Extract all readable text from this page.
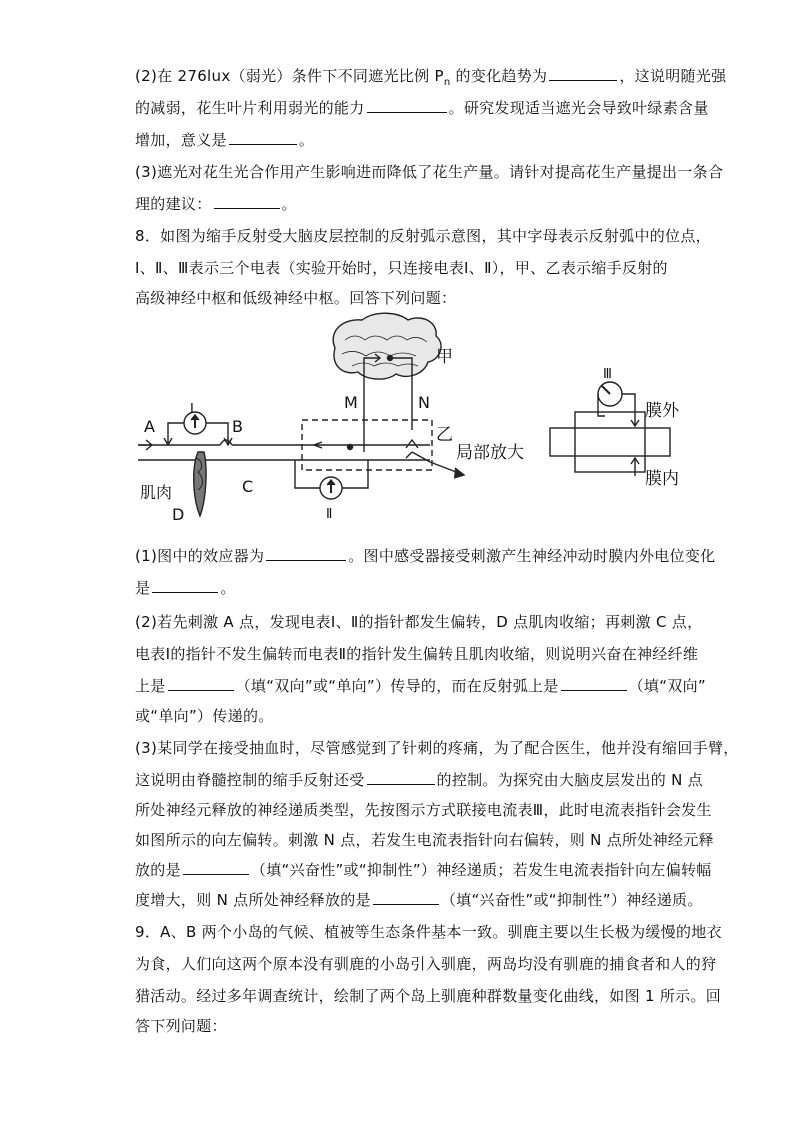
(2)在 276lux（弱光）条件下不同遮光比例 $P_n$ 的变化趋势为	，这说明随光强
的减弱，花生叶片利用弱光的能力	。研究发现适当遮光会导致叶绿素含量
增加，意义是	。
(3)遮光对花生光合作用产生影响进而降低了花生产量。请针对提高花生产量提出一条合
理的建议：	。
8．如图为缩手反射受大脑皮层控制的反射弧示意图，其中字母表示反射弧中的位点，
Ⅰ、Ⅱ、Ⅲ表示三个电表（实验开始时，只连接电表Ⅰ、Ⅱ），甲、乙表示缩手反射的
高级神经中枢和低级神经中枢。回答下列问题：
甲
乙
M	N
A	B
C
D
肌肉
Ⅰ
Ⅱ
Ⅲ
局部放大
膜外
膜内
(1)图中的效应器为	。图中感受器接受刺激产生神经冲动时膜内外电位变化
是	。
(2)若先刺激 A 点，发现电表Ⅰ、Ⅱ的指针都发生偏转，D 点肌肉收缩；再刺激 C 点，
电表Ⅰ的指针不发生偏转而电表Ⅱ的指针发生偏转且肌肉收缩，则说明兴奋在神经纤维
上是	（填“双向”或“单向”）传导的，而在反射弧上是	（填“双向”
或“单向”）传递的。
(3)某同学在接受抽血时，尽管感觉到了针刺的疼痛，为了配合医生，他并没有缩回手臂，
这说明由脊髓控制的缩手反射还受	的控制。为探究由大脑皮层发出的 N 点
所处神经元释放的神经递质类型，先按图示方式联接电流表Ⅲ，此时电流表指针会发生
如图所示的向左偏转。刺激 N 点，若发生电流表指针向右偏转，则 N 点所处神经元释
放的是	（填“兴奋性”或“抑制性”）神经递质；若发生电流表指针向左偏转幅
度增大，则 N 点所处神经释放的是	（填“兴奋性”或“抑制性”）神经递质。
9．A、B 两个小岛的气候、植被等生态条件基本一致。驯鹿主要以生长极为缓慢的地衣
为食，人们向这两个原本没有驯鹿的小岛引入驯鹿，两岛均没有驯鹿的捕食者和人的狩
猎活动。经过多年调查统计，绘制了两个岛上驯鹿种群数量变化曲线，如图 1 所示。回
答下列问题：
